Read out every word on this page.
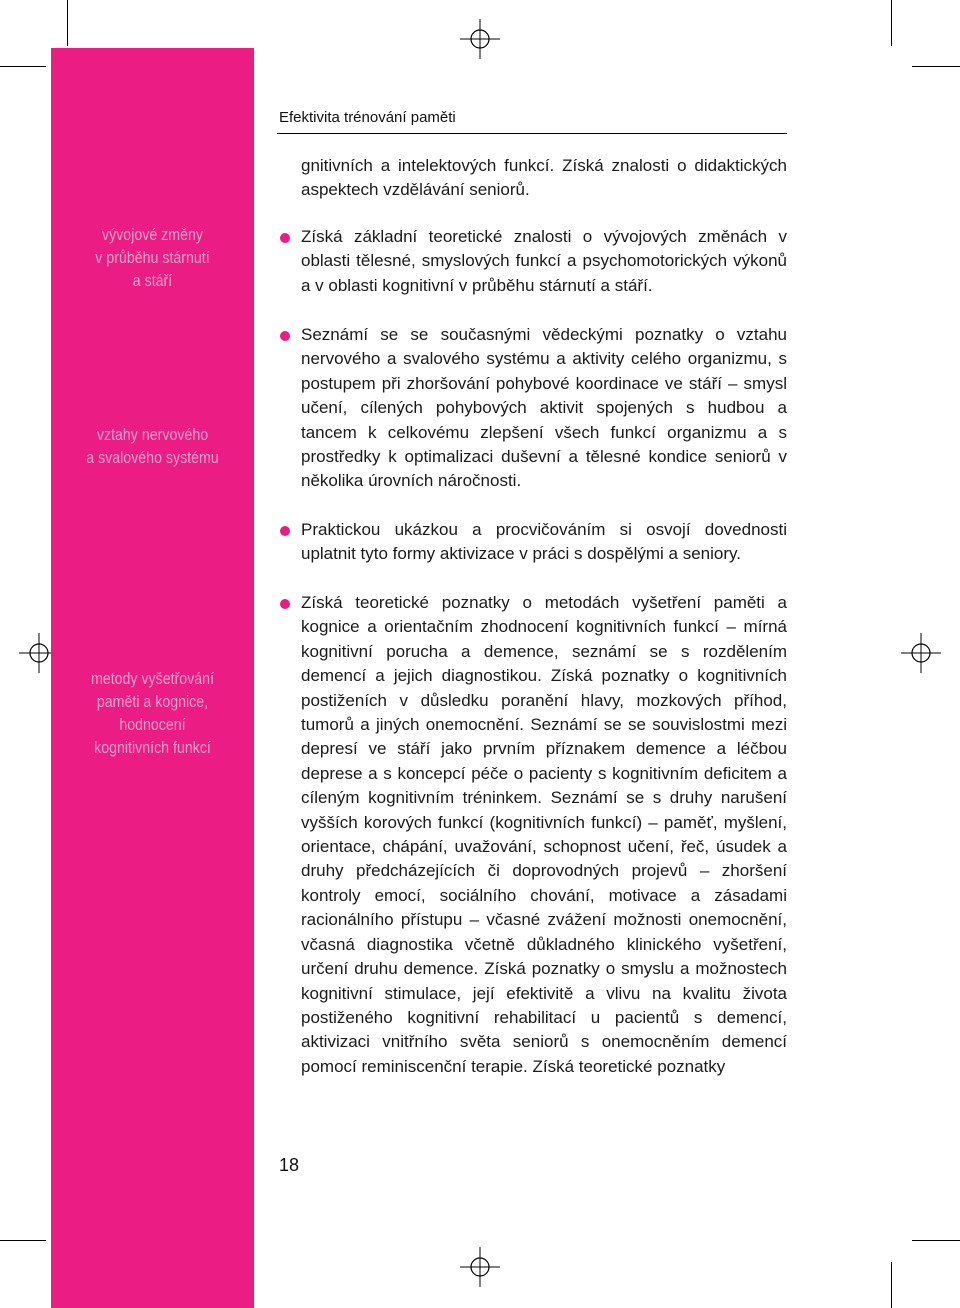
vývojové změny
v průběhu stárnutí
a stáří
vztahy nervového
a svalového systému
metody vyšetřování
paměti a kognice,
hodnocení
kognitivních funkcí
Efektivita trénování paměti
gnitivních a intelektových funkcí. Získá znalosti o didaktických aspektech vzdělávání seniorů.
Získá základní teoretické znalosti o vývojových změnách v oblasti tělesné, smyslových funkcí a psychomotorických výkonů a v oblasti kognitivní v průběhu stárnutí a stáří.
Seznámí se se současnými vědeckými poznatky o vztahu nervového a svalového systému a aktivity celého organizmu, s postupem při zhoršování pohybové koordinace ve stáří – smysl učení, cílených pohybových aktivit spojených s hudbou a tancem k celkovému zlepšení všech funkcí organizmu a s prostředky k optimalizaci duševní a tělesné kondice seniorů v několika úrovních náročnosti.
Praktickou ukázkou a procvičováním si osvojí dovednosti uplatnit tyto formy aktivizace v práci s dospělými a seniory.
Získá teoretické poznatky o metodách vyšetření paměti a kognice a orientačním zhodnocení kognitivních funkcí – mírná kognitivní porucha a demence, seznámí se s rozdělením demencí a jejich diagnostikou. Získá poznatky o kognitivních postiženích v důsledku poranění hlavy, mozkových příhod, tumorů a jiných onemocnění. Seznámí se se souvislostmi mezi depresí ve stáří jako prvním příznakem demence a léčbou deprese a s koncepcí péče o pacienty s kognitivním deficitem a cíleným kognitivním tréninkem. Seznámí se s druhy narušení vyšších korových funkcí (kognitivních funkcí) – paměť, myšlení, orientace, chápání, uvažování, schopnost učení, řeč, úsudek a druhy předcházejících či doprovodných projevů – zhoršení kontroly emocí, sociálního chování, motivace a zásadami racionálního přístupu – včasné zvážení možnosti onemocnění, včasná diagnostika včetně důkladného klinického vyšetření, určení druhu demence. Získá poznatky o smyslu a možnostech kognitivní stimulace, její efektivitě a vlivu na kvalitu života postiženého kognitivní rehabilitací u pacientů s demencí, aktivizaci vnitřního světa seniorů s onemocněním demencí pomocí reminiscenční terapie. Získá teoretické poznatky
18
